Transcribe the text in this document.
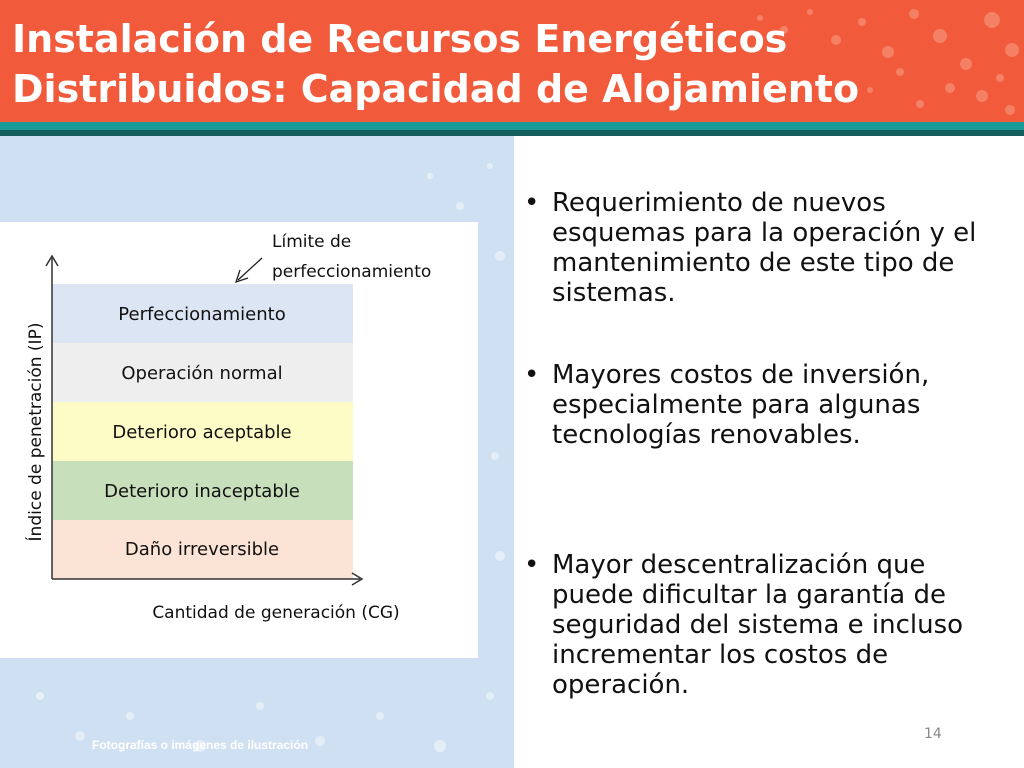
Instalación de Recursos Energéticos
Distribuidos: Capacidad de Alojamiento
Perfeccionamiento
Operación normal
Deterioro aceptable
Deterioro inaceptable
Daño irreversible
Índice de penetración (IP)
Cantidad de generación (CG)
Límite de
perfeccionamiento
Fotografías o imágenes de ilustración
• Requerimiento de nuevos esquemas para la operación y el mantenimiento de este tipo de sistemas.
• Mayores costos de inversión, especialmente para algunas tecnologías renovables.
• Mayor descentralización que puede dificultar la garantía de seguridad del sistema e incluso incrementar los costos de operación.
14
